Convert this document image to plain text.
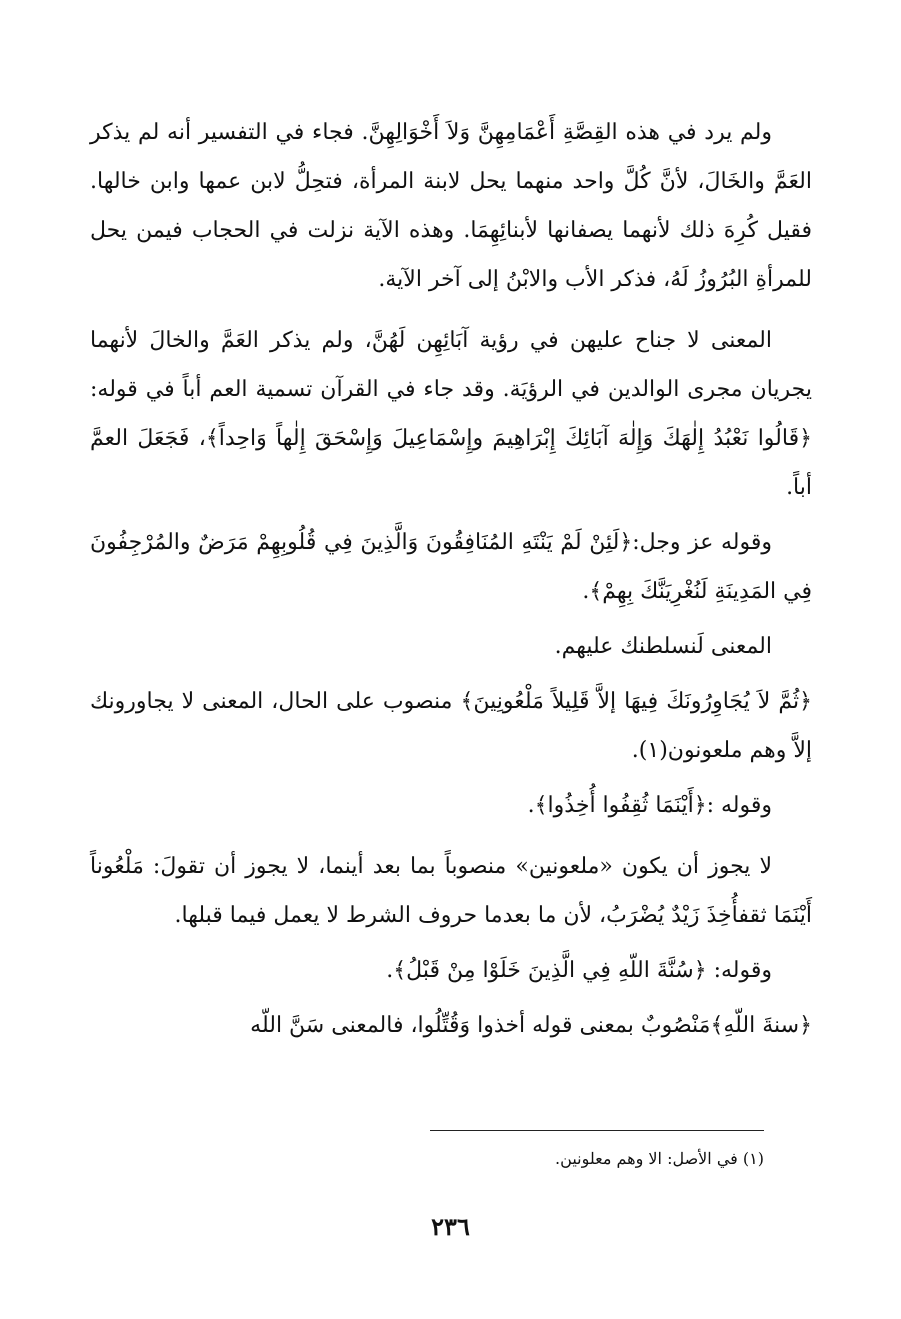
ولم يرد في هذه القِصَّةِ أَعْمَامِهِنَّ وَلاَ أَخْوَالِهِنَّ. فجاء في التفسير أنه لم يذكر العَمَّ والخَالَ، لأنَّ كُلَّ واحد منهما يحل لابنة المرأة، فتحِلُّ لابن عمها وابن خالها. فقيل كُرِهَ ذلك لأنهما يصفانها لأبنائِهِمَا. وهذه الآية نزلت في الحجاب فيمن يحل للمرأةِ البُرُوزُ لَهُ، فذكر الأب والابْنُ إلى آخر الآية.

المعنى لا جناح عليهن في رؤية آبَائِهِن لَهُنَّ، ولم يذكر العَمَّ والخالَ لأنهما يجريان مجرى الوالدين في الرؤيَة. وقد جاء في القرآن تسمية العم أباً في قوله: ﴿قَالُوا نَعْبُدُ إِلٰهَكَ وَإِلٰهَ آبَائِكَ إِبْرَاهِيمَ وإِسْمَاعِيلَ وَإِسْحَقَ إِلٰهاً وَاحِداً﴾، فَجَعَلَ العمَّ أباً.

وقوله عز وجل:﴿لَئِنْ لَمْ يَنْتَهِ المُنَافِقُونَ وَالَّذِينَ فِي قُلُوبِهِمْ مَرَضٌ والمُرْجِفُونَ فِي المَدِينَةِ لَنُغْرِيَنَّكَ بِهِمْ﴾.

المعنى لَنسلطنك عليهم.

﴿ثُمَّ لاَ يُجَاوِرُونَكَ فِيهَا إلاَّ قَلِيلاً مَلْعُونِينَ﴾ منصوب على الحال، المعنى لا يجاورونك إلاَّ وهم ملعونون(١).

وقوله :﴿أَيْنَمَا ثُقِفُوا أُخِذُوا﴾.

لا يجوز أن يكون «ملعونين» منصوباً بما بعد أينما، لا يجوز أن تقولَ: مَلْعُوناً أَيْنَمَا ثقفأُخِذَ زَيْدٌ يُضْرَبُ، لأن ما بعدما حروف الشرط لا يعمل فيما قبلها.

وقوله: ﴿سُنَّةَ اللّهِ فِي الَّذِينَ خَلَوْا مِنْ قَبْلُ﴾.

﴿سنةَ اللّهِ﴾مَنْصُوبٌ بمعنى قوله أخذوا وَقُتِّلُوا، فالمعنى سَنَّ اللّه

(١) في الأصل: الا وهم معلونين.
٢٣٦
